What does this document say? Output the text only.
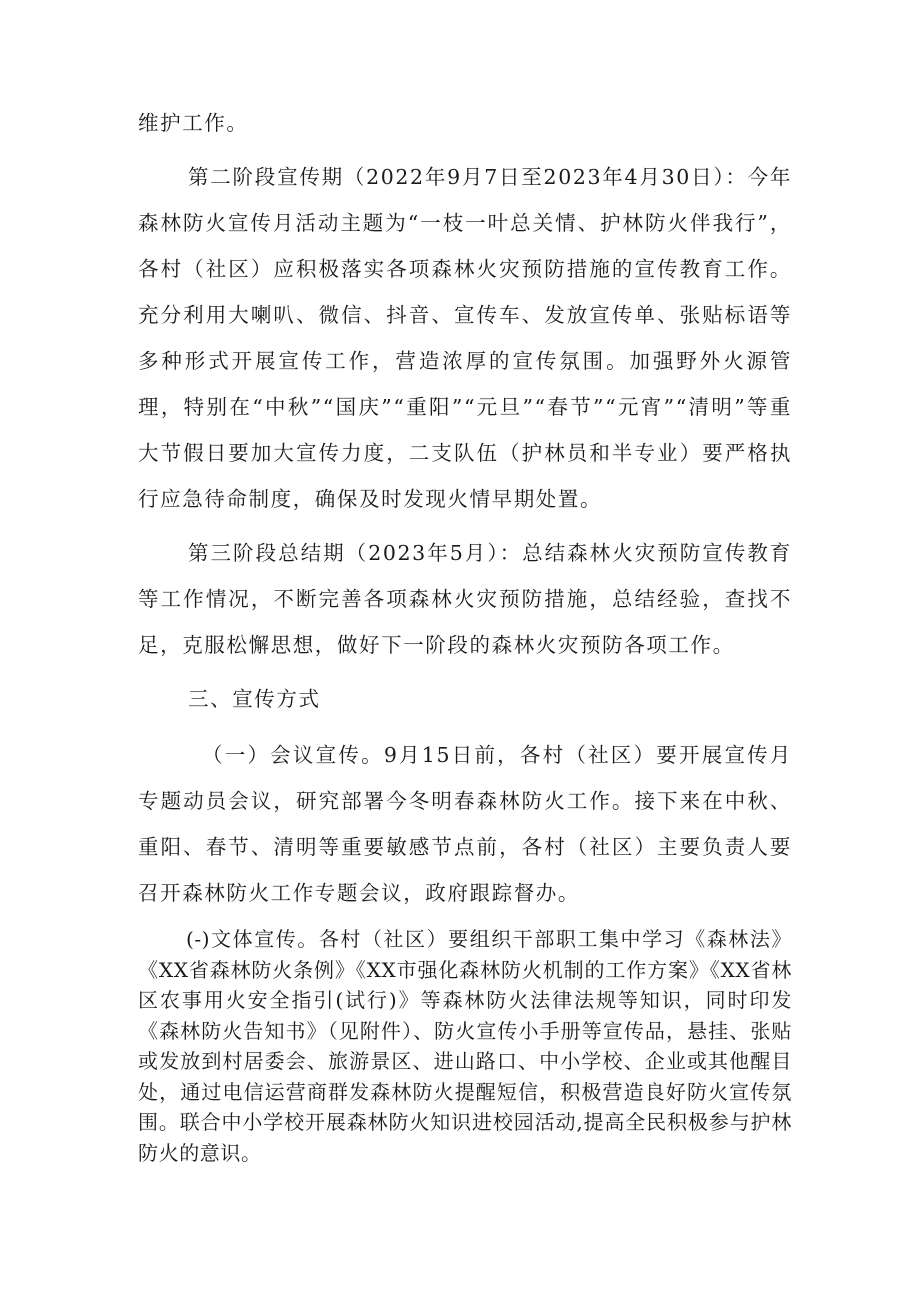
维护工作。

第二阶段宣传期（2022年9月7日至2023年4月30日）：今年森林防火宣传月活动主题为“一枝一叶总关情、护林防火伴我行”，各村（社区）应积极落实各项森林火灾预防措施的宣传教育工作。充分利用大喇叭、微信、抖音、宣传车、发放宣传单、张贴标语等多种形式开展宣传工作，营造浓厚的宣传氛围。加强野外火源管理，特别在“中秋”“国庆”“重阳”“元旦”“春节”“元宵”“清明”等重大节假日要加大宣传力度，二支队伍（护林员和半专业）要严格执行应急待命制度，确保及时发现火情早期处置。

第三阶段总结期（2023年5月）：总结森林火灾预防宣传教育等工作情况，不断完善各项森林火灾预防措施，总结经验，查找不足，克服松懈思想，做好下一阶段的森林火灾预防各项工作。

三、宣传方式

（一）会议宣传。9月15日前，各村（社区）要开展宣传月专题动员会议，研究部署今冬明春森林防火工作。接下来在中秋、重阳、春节、清明等重要敏感节点前，各村（社区）主要负责人要召开森林防火工作专题会议，政府跟踪督办。

(-)文体宣传。各村（社区）要组织干部职工集中学习《森林法》《XX省森林防火条例》《XX市强化森林防火机制的工作方案》《XX省林区农事用火安全指引(试行)》等森林防火法律法规等知识，同时印发《森林防火告知书》（见附件）、防火宣传小手册等宣传品，悬挂、张贴或发放到村居委会、旅游景区、进山路口、中小学校、企业或其他醒目处，通过电信运营商群发森林防火提醒短信，积极营造良好防火宣传氛围。联合中小学校开展森林防火知识进校园活动,提高全民积极参与护林防火的意识。
